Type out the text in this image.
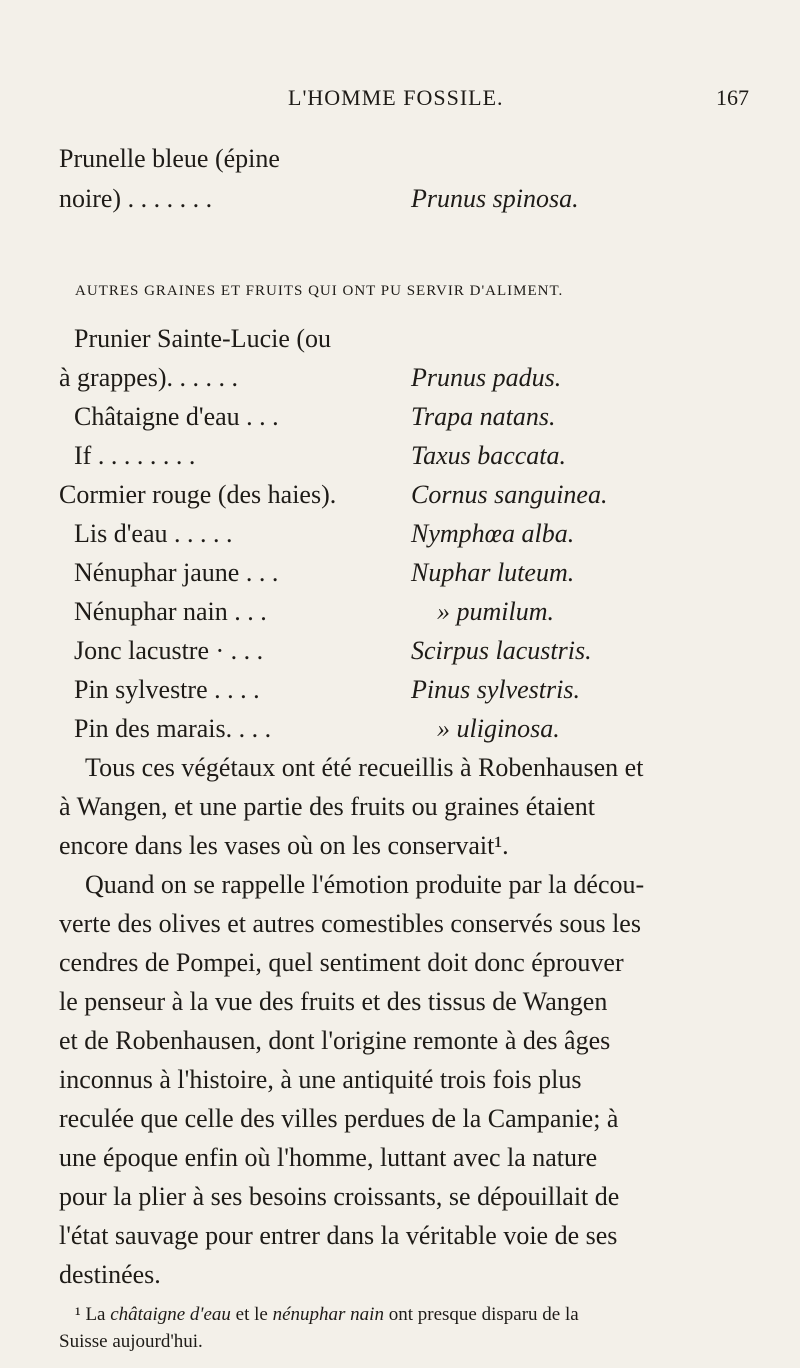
L'HOMME FOSSILE.	167
Prunelle bleue (épine
noire) . . . . . . .	Prunus spinosa.
AUTRES GRAINES ET FRUITS QUI ONT PU SERVIR D'ALIMENT.
Prunier Sainte-Lucie (ou
à grappes). . . . . .	Prunus padus.
Châtaigne d'eau . . .	Trapa natans.
If . . . . . . . .	Taxus baccata.
Cormier rouge (des haies).	Cornus sanguinea.
Lis d'eau . . . . .	Nymphœa alba.
Nénuphar jaune . . .	Nuphar luteum.
Nénuphar nain . . .	» pumilum.
Jonc lacustre · . . .	Scirpus lacustris.
Pin sylvestre . . . .	Pinus sylvestris.
Pin des marais. . . .	» uliginosa.
Tous ces végétaux ont été recueillis à Robenhausen et
à Wangen, et une partie des fruits ou graines étaient
encore dans les vases où on les conservait¹.
Quand on se rappelle l'émotion produite par la décou-
verte des olives et autres comestibles conservés sous les
cendres de Pompei, quel sentiment doit donc éprouver
le penseur à la vue des fruits et des tissus de Wangen
et de Robenhausen, dont l'origine remonte à des âges
inconnus à l'histoire, à une antiquité trois fois plus
reculée que celle des villes perdues de la Campanie; à
une époque enfin où l'homme, luttant avec la nature
pour la plier à ses besoins croissants, se dépouillait de
l'état sauvage pour entrer dans la véritable voie de ses
destinées.
¹ La châtaigne d'eau et le nénuphar nain ont presque disparu de la
Suisse aujourd'hui.
